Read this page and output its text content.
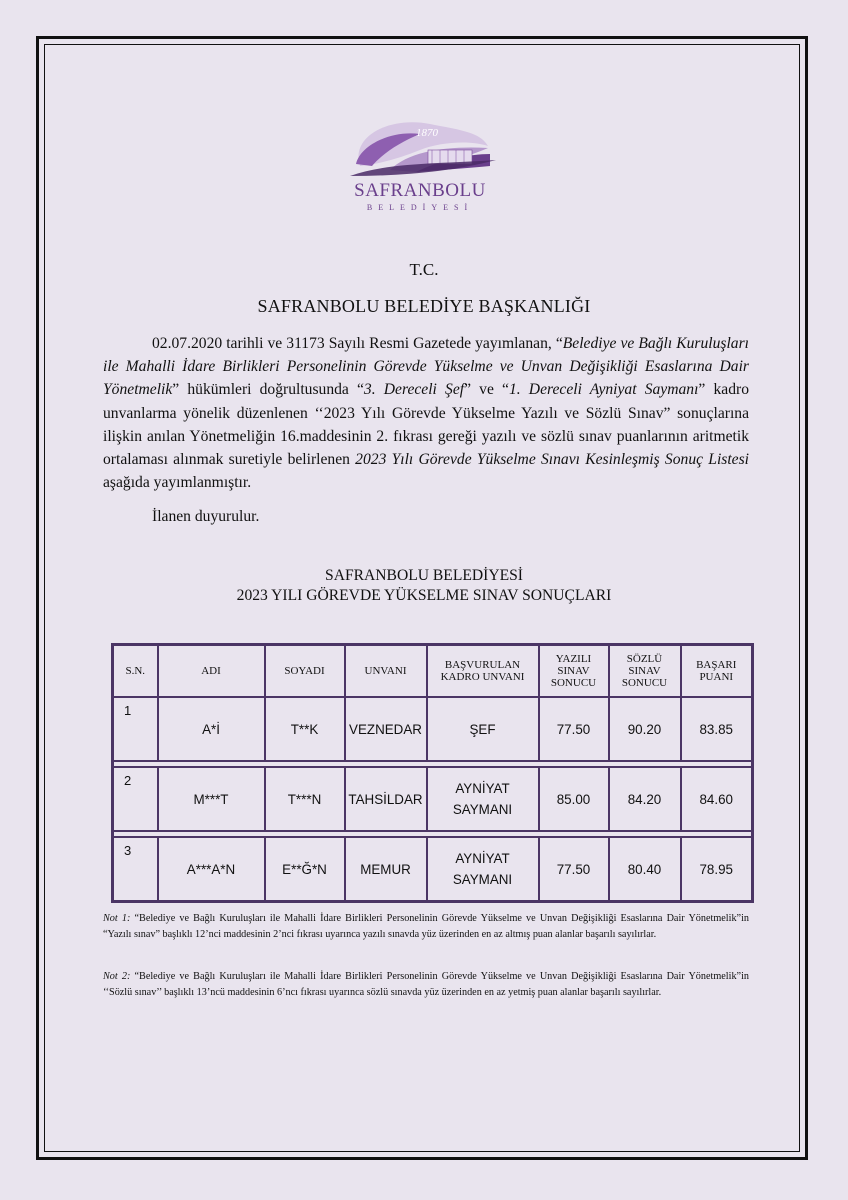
1870
SAFRANBOLU
BELEDİYESİ
T.C.
SAFRANBOLU BELEDİYE BAŞKANLIĞI

02.07.2020 tarihli ve 31173 Sayılı Resmi Gazetede yayımlanan, “Belediye ve Bağlı Kuruluşları ile Mahalli İdare Birlikleri Personelinin Görevde Yükselme ve Unvan Değişikliği Esaslarına Dair Yönetmelik” hükümleri doğrultusunda “3. Dereceli Şef” ve “1. Dereceli Ayniyat Saymanı” kadro unvanlarma yönelik düzenlenen ‘‘2023 Yılı Görevde Yükselme Yazılı ve Sözlü Sınav” sonuçlarına ilişkin anılan Yönetmeliğin 16.maddesinin 2. fıkrası gereği yazılı ve sözlü sınav puanlarının aritmetik ortalaması alınmak suretiyle belirlenen 2023 Yılı Görevde Yükselme Sınavı Kesinleşmiş Sonuç Listesi aşağıda yayımlanmıştır.

İlanen duyurulur.
SAFRANBOLU BELEDİYESİ
2023 YILI GÖREVDE YÜKSELME SINAV SONUÇLARI
S.N.	ADI	SOYADI	UNVANI	BAŞVURULAN
KADRO UNVANI	YAZILI
SINAV
SONUCU	SÖZLÜ
SINAV
SONUCU	BAŞARI
PUANI
1	A*İ	T**K	VEZNEDAR	ŞEF	77.50	90.20	83.85

2	M***T	T***N	TAHSİLDAR	AYNİYAT
SAYMANI	85.00	84.20	84.60

3	A***A*N	E**Ğ*N	MEMUR	AYNİYAT
SAYMANI	77.50	80.40	78.95
Not 1: “Belediye ve Bağlı Kuruluşları ile Mahalli İdare Birlikleri Personelinin Görevde Yükselme ve Unvan Değişikliği Esaslarına Dair Yönetmelik”in “Yazılı sınav” başlıklı 12’nci maddesinin 2’nci fıkrası uyarınca yazılı sınavda yüz üzerinden en az altmış puan alanlar başarılı sayılırlar.
Not 2: “Belediye ve Bağlı Kuruluşları ile Mahalli İdare Birlikleri Personelinin Görevde Yükselme ve Unvan Değişikliği Esaslarına Dair Yönetmelik”in ‘‘Sözlü sınav’’ başlıklı 13’ncü maddesinin 6’ncı fıkrası uyarınca sözlü sınavda yüz üzerinden en az yetmiş puan alanlar başarılı sayılırlar.
